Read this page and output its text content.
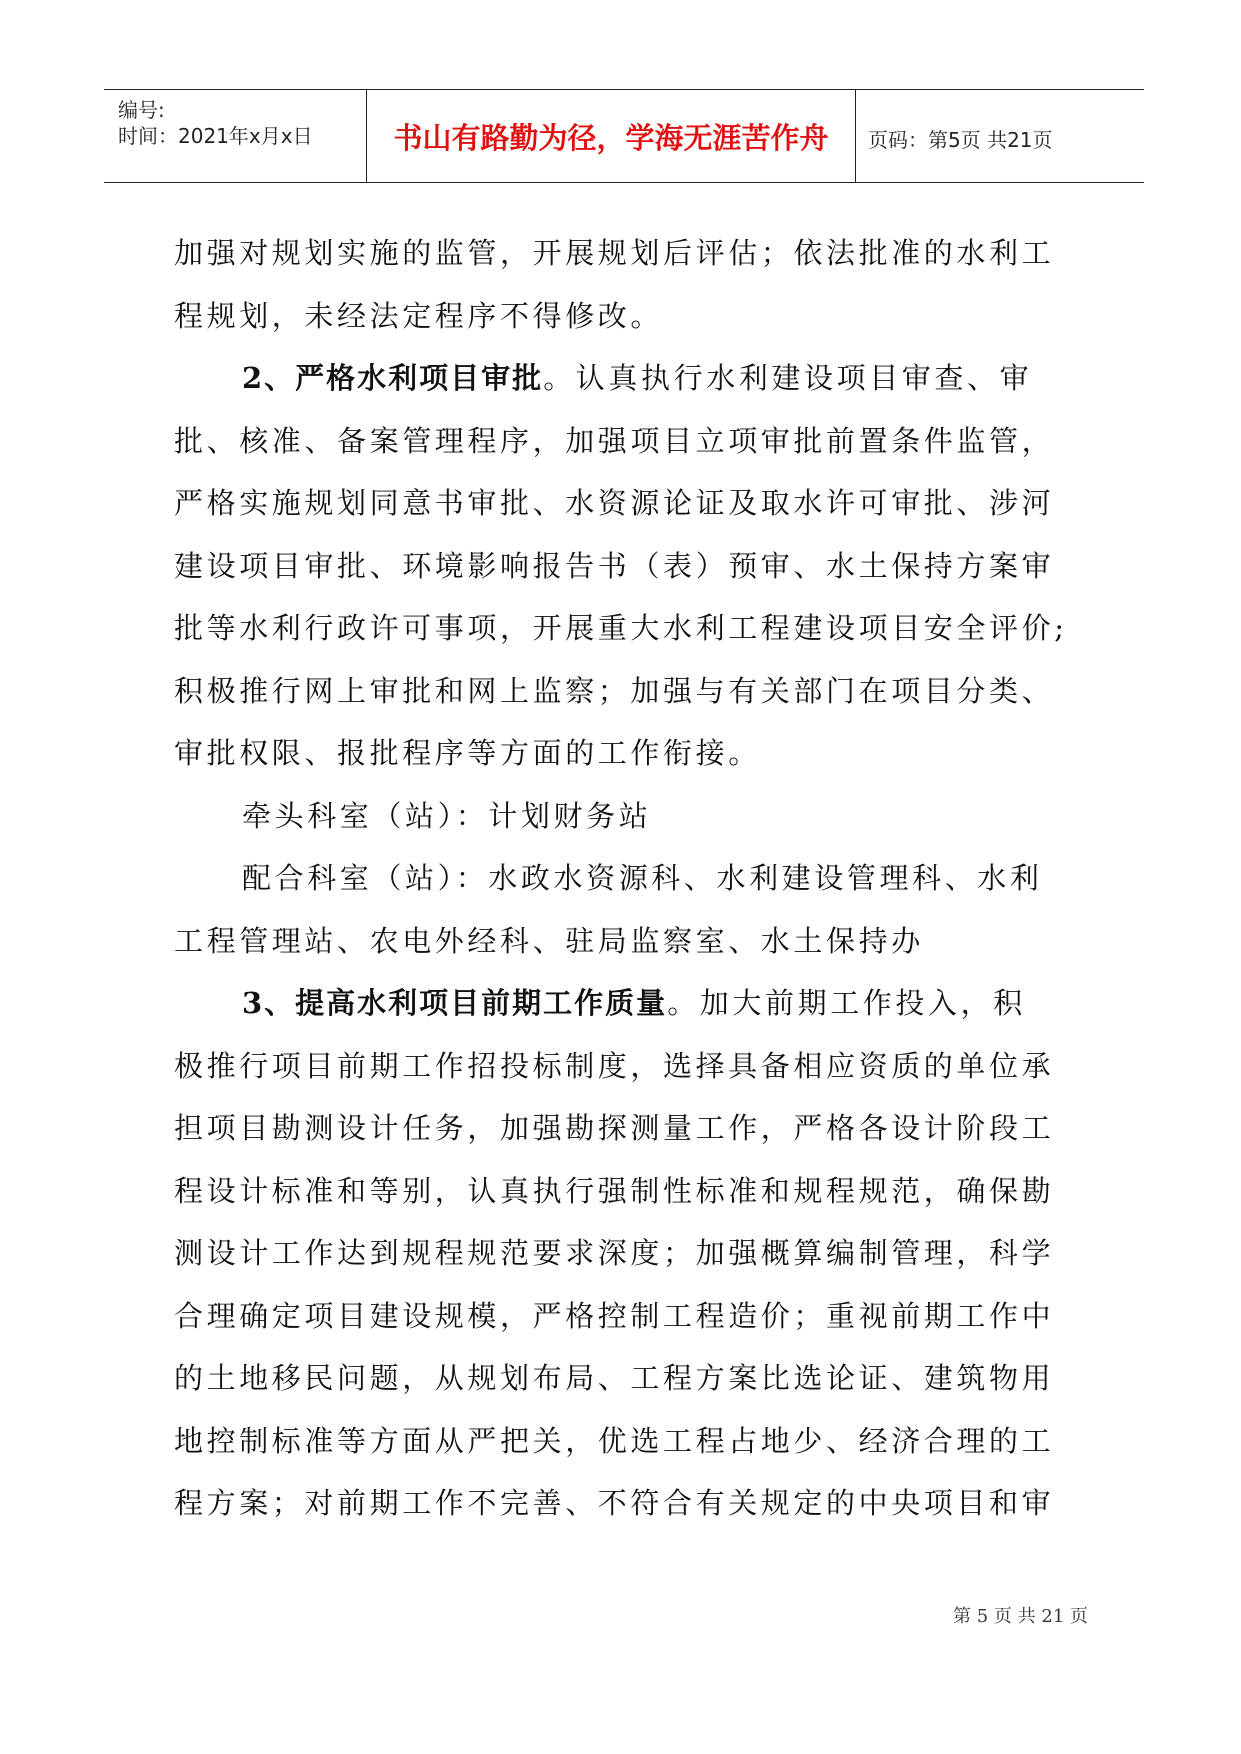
编号:
时间：2021年x月x日	书山有路勤为径，学海无涯苦作舟	页码：第5页 共21页
加强对规划实施的监管，开展规划后评估；依法批准的水利工
程规划，未经法定程序不得修改。
2、严格水利项目审批。认真执行水利建设项目审查、审
批、核准、备案管理程序，加强项目立项审批前置条件监管，
严格实施规划同意书审批、水资源论证及取水许可审批、涉河
建设项目审批、环境影响报告书（表）预审、水土保持方案审
批等水利行政许可事项，开展重大水利工程建设项目安全评价;
积极推行网上审批和网上监察；加强与有关部门在项目分类、
审批权限、报批程序等方面的工作衔接。
牵头科室（站）：计划财务站
配合科室（站）：水政水资源科、水利建设管理科、水利
工程管理站、农电外经科、驻局监察室、水土保持办
3、提高水利项目前期工作质量。加大前期工作投入，积
极推行项目前期工作招投标制度，选择具备相应资质的单位承
担项目勘测设计任务，加强勘探测量工作，严格各设计阶段工
程设计标准和等别，认真执行强制性标准和规程规范，确保勘
测设计工作达到规程规范要求深度；加强概算编制管理，科学
合理确定项目建设规模，严格控制工程造价；重视前期工作中
的土地移民问题，从规划布局、工程方案比选论证、建筑物用
地控制标准等方面从严把关，优选工程占地少、经济合理的工
程方案；对前期工作不完善、不符合有关规定的中央项目和审
第 5 页 共 21 页
